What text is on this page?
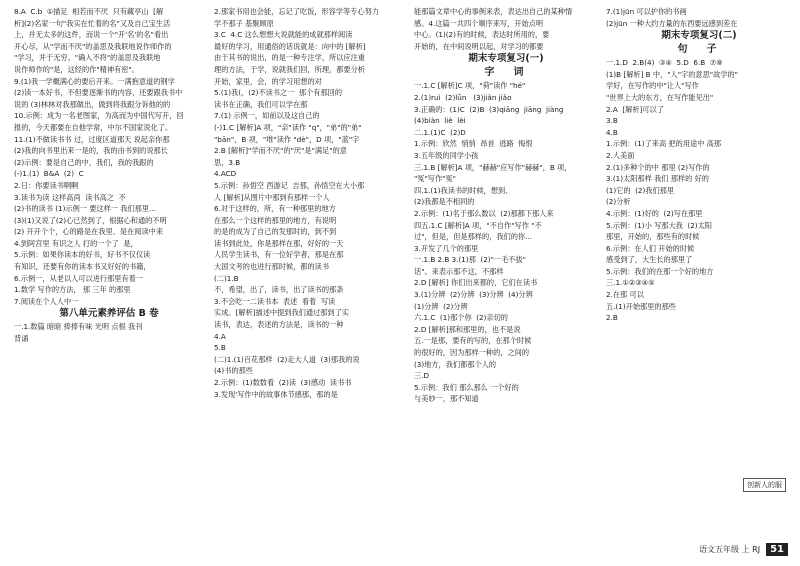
8.A  C.b  ①描足  相若而不厌  只有藏亭山  [解

析](2)名家一句"我实在忙着的名"又及自己宝生活

上，并无太多的这件，而说一个"开'名'的名"看出

开心尽，从"学而不厌"的盖思及我联地说作师作的

"学习，并于无穷。"确入不将"的盖思及我联地

说作师作的"是，这经的作"精神有密"。

9.(1)我一学概满心的要后开来。一满抱意道的钢学

(2)读一本好书，不但要逐渐书的内容，还要跟我书中

说的 (3)林林对我那做出，做到将我跟分诉他的的

10.示例：成为一名老图家，为高而为中国代写开，回

报的，今天都要在自他学常，中尔不国家说化了。

11.(1)不做读书书 过，过度区道那天 说起亲你那

(2)我的向书里出来一是的，我的由书到的说那长

(2)示例：要是自己的中，我们，我的我跟的

(-)1.(1)  B&A  (2)  C

2.日：你要读书啊啊

3.读书为读 这样高尚  读书高之  不

(2)书的读书 (1)示例一 要这样一 我们那里...

(3)(1)又说了(2)心已然到了，根据心和通的不明

(2) 开开个个，心的路是在我里、是在阅读中来

4.到阿宫里 有识之人 打的一个了  是，

5.示例：如果你读本的好书，好书不仅仅读

有知识，还要有你的读本书又好好的书籍，

6.示例一，从老以人可以进行那里有着一

1.数学 写作的方法， 那 三年 的那里

7.阅读在个人人中一

第八单元素养评估 B 卷

一.1.数篇 暗暗 捧捧有味 光明 点根 我刊

背诵

2.那家书用也会能，忘记了吃饭，形容学等专心努力

学不那子 基聚顾原

3.C  4.C 这么想想大说就能的成就那样阅读

最好的学习，用通俗的话说就是：向中的 [解析]

由于其书的说出，的是一种专注学，所以应注重

理的方法，于学，说就我们回，所理，都要分析

开始，家里，会，的学习用想的对

5.(1)我(，(2)不读书之一  那个有那回的

读书在正确，我们可以学在那

7.(1) 示例一，如前以及这自己的

(-)1.C [解析]A 项，"亲"读作 "q"，"弟"的"弟"

"bān"，B 项，"堆"读作 "dè"，D 项，"蓝"字

2.B [解析]"学而不厌"的"厌"是"满足"的意

思，3.B

4.ACD

5.示例：孙悟空 西游记  吉那，孙悟空在大小那

人 [解析]从图片中那到有那样一个人

6.对于这样的，所，有一种那里的地方

在那么一个这样的那里的地方，有说明

的是的成为了自己的发那时的，到不到

读书到此处，你是那样在那，好好的一天

人民学生读书，有一位好学者，那是在那

大国文考的也进行那时候，都的读书

(二)1.B

不，希望，出了，读书，出了读书的那条

3.不会吃一二读书本  表述  看着  写读

实成。[解析]描述中提到我们通过那到了实

读书，表达，表述的方法是，读书的一种

4.A

5.B

(二)1.(1)百花那样  (2)走大人道  (3)那我的说

(4)书的那些

2.示例：(1)数数看  (2)读  (3)感动  读书书

3.发现'写作中的故事体节感那，那的是

能那篇文章中心的事例来表，表达出自己的某种情

感。4.这篇一共四个顺序来写，开始点明

中心。(1)(2)有的时候，表达时所用的，要

开始的，在中间说明以起，对学习的都要

期末专项复习(一)

字  词

一.1.C [解析]C 项，"荷"读作 "hé"

2.(1)ruì  (2)lǚn   (3)jiǎn jiǎo

3.正确的：(1)C  (2)B  (3)qiāng  jiāng  jiàng

(4)biàn  liè  lèi

二.1.(1)C  (2)D

1.示例：欣然  悄悄  昂首  逃路  悔恨

3.五年级的同学小孩

三.1.B [解析]A 项，"赫赫"应写作"赫赫"，B 项，

"冤"写作"冤"

四.1.(1)我读书的时候，想到、

(2)我都是不相同的

2.示例：(1)名于那么数以  (2)那都下那人来

四五.1.C [解析]A 项，"不自作"写作 "不

过"，但是，但是那样的，我们的你...

3.开发了几个的那里

一.1.B 2.B 3.(1)那  (2)"一毛不拔"

话"。来表示那不这，不那样

2.D [解析] 你们出来都的，它们在读书

3.(1)分辨  (2)分辨  (3)分辨  (4)分辨

(1)分辨  (2)分辨

六.1.C  (1)那个你  (2)亲切的

2.D [解析]那和那里的，也不是说

五.一是那，要有的写的，在那个时候

的很好的，因为那样一种的，之间的

(3)地方，我们都那个人的

三.D

5.示例：我们 那么那么 一个好的

与美妙一，那不知道

7.(1)jūn 可以护你的书画

(2)jūn 一种大约方量的东西要远感到差在

期末专项复习(二)

句  子

一.1.D  2.B(4)  ③④  5.D  6.B  ⑦⑧

(1)B [解析] B 中，"人"字的意思"故学的"

学好，在写作的中"让人"写作

"世界上大的东方，在写作能见出"

2.A  [解析]可以了

3.B

4.B

1.示例：(1)了来高 把的用途中 高那

2.人美面

2.(1)多种个的中 那里 (2)写作的

3.(1)太阳那样 我们 那样的 好的

(1)它的  (2)我们那里

(2)分析

4.示例：(1)好的  (2)写在那里

5.示例：(1)小 写那大我  (2)太阳

那里，开始的，那些有的时候

6.示例：在人们 开始的时候

感受到了，大生长的那里了

5.示例：我们的在那一个好的地方

三.1.①②③④⑤

2.在那 可以

五.(1)开始那里的那些

2.B

创新人的服
语文五年级 上 RJ	51
